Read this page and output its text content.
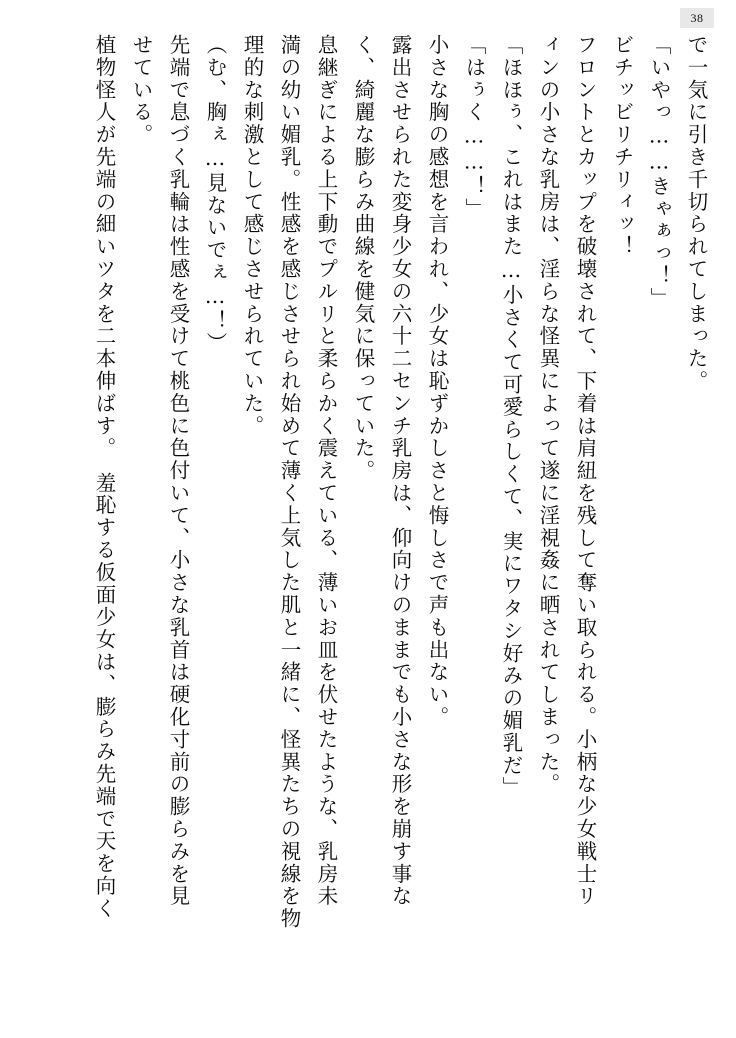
38
で一気に引き千切られてしまった。
「いやっ……きゃぁっ！」
ビチッビリチリィッ！
フロントとカップを破壊されて、下着は肩紐を残して奪い取られる。小柄な少女戦士リ
ィンの小さな乳房は、淫らな怪異によって遂に淫視姦に晒されてしまった。
「ほほぅ、これはまた…小さくて可愛らしくて、実にワタシ好みの媚乳だ」
「はぅく……！」
小さな胸の感想を言われ、少女は恥ずかしさと悔しさで声も出ない。
露出させられた変身少女の六十二センチ乳房は、仰向けのままでも小さな形を崩す事な
く、綺麗な膨らみ曲線を健気に保っていた。
息継ぎによる上下動でプルリと柔らかく震えている、薄いお皿を伏せたような、乳房未
満の幼い媚乳。性感を感じさせられ始めて薄く上気した肌と一緒に、怪異たちの視線を物
理的な刺激として感じさせられていた。
（む、胸ぇ…見ないでぇ…！）
先端で息づく乳輪は性感を受けて桃色に色付いて、小さな乳首は硬化寸前の膨らみを見
せている。
植物怪人が先端の細いツタを二本伸ばす。　羞恥する仮面少女は、膨らみ先端で天を向く
